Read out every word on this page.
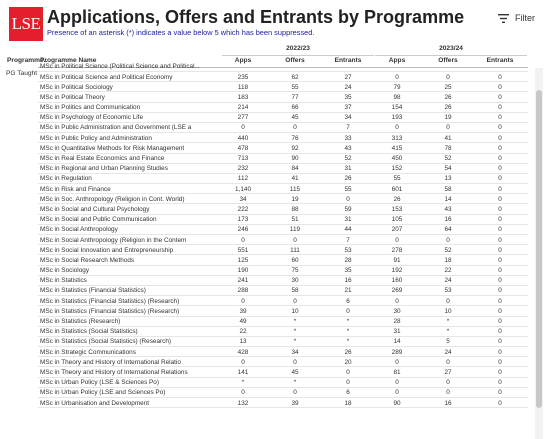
LSE Applications, Offers and Entrants by Programme
Presence of an asterisk (*) indicates a value below 5 which has been suppressed.
Filter
2022/23	2023/24
Programme..
Programme Name	Apps	Offers	Entrants	Apps	Offers	Entrants
PG Taught
MSc in Political Science (Political Science and Political...
MSc in Political Science and Political Economy	235	62	27	0	0	0
MSc in Political Sociology	118	55	24	79	25	0
MSc in Political Theory	183	77	35	98	26	0
MSc in Politics and Communication	214	66	37	154	26	0
MSc in Psychology of Economic Life	277	45	34	193	19	0
MSc in Public Administration and Government (LSE a	0	0	7	0	0	0
MSc in Public Policy and Administration	440	76	33	313	41	0
MSc in Quantitative Methods for Risk Management	478	92	43	415	78	0
MSc in Real Estate Economics and Finance	713	90	52	450	52	0
MSc in Regional and Urban Planning Studies	232	84	31	152	54	0
MSc in Regulation	112	41	26	55	13	0
MSc in Risk and Finance	1,140	115	55	601	58	0
MSc in Soc. Anthropology (Religion in Cont. World)	34	19	0	26	14	0
MSc in Social and Cultural Psychology	222	88	59	153	43	0
MSc in Social and Public Communication	173	51	31	105	16	0
MSc in Social Anthropology	246	119	44	207	64	0
MSc in Social Anthropology (Religion in the Contem	0	0	7	0	0	0
MSc in Social Innovation and Entrepreneurship	551	111	53	278	52	0
MSc in Social Research Methods	125	60	28	91	18	0
MSc in Sociology	190	75	35	192	22	0
MSc in Statistics	241	30	16	160	24	0
MSc in Statistics (Financial Statistics)	288	58	21	269	53	0
MSc in Statistics (Financial Statistics) (Research)	0	0	6	0	0	0
MSc in Statistics (Financial Statistics) (Research)	39	10	0	30	10	0
MSc in Statistics (Research)	49	*	*	28	*	0
MSc in Statistics (Social Statistics)	22	*	*	31	*	0
MSc in Statistics (Social Statistics) (Research)	13	*	*	14	5	0
MSc in Strategic Communications	428	34	26	289	24	0
MSc in Theory and History of International Relatio	0	0	20	0	0	0
MSc in Theory and History of International Relations	141	45	0	81	27	0
MSc in Urban Policy (LSE & Sciences Po)	*	*	0	0	0	0
MSc in Urban Policy (LSE and Sciences Po)	0	0	6	0	0	0
MSc in Urbanisation and Development	132	39	18	90	16	0
